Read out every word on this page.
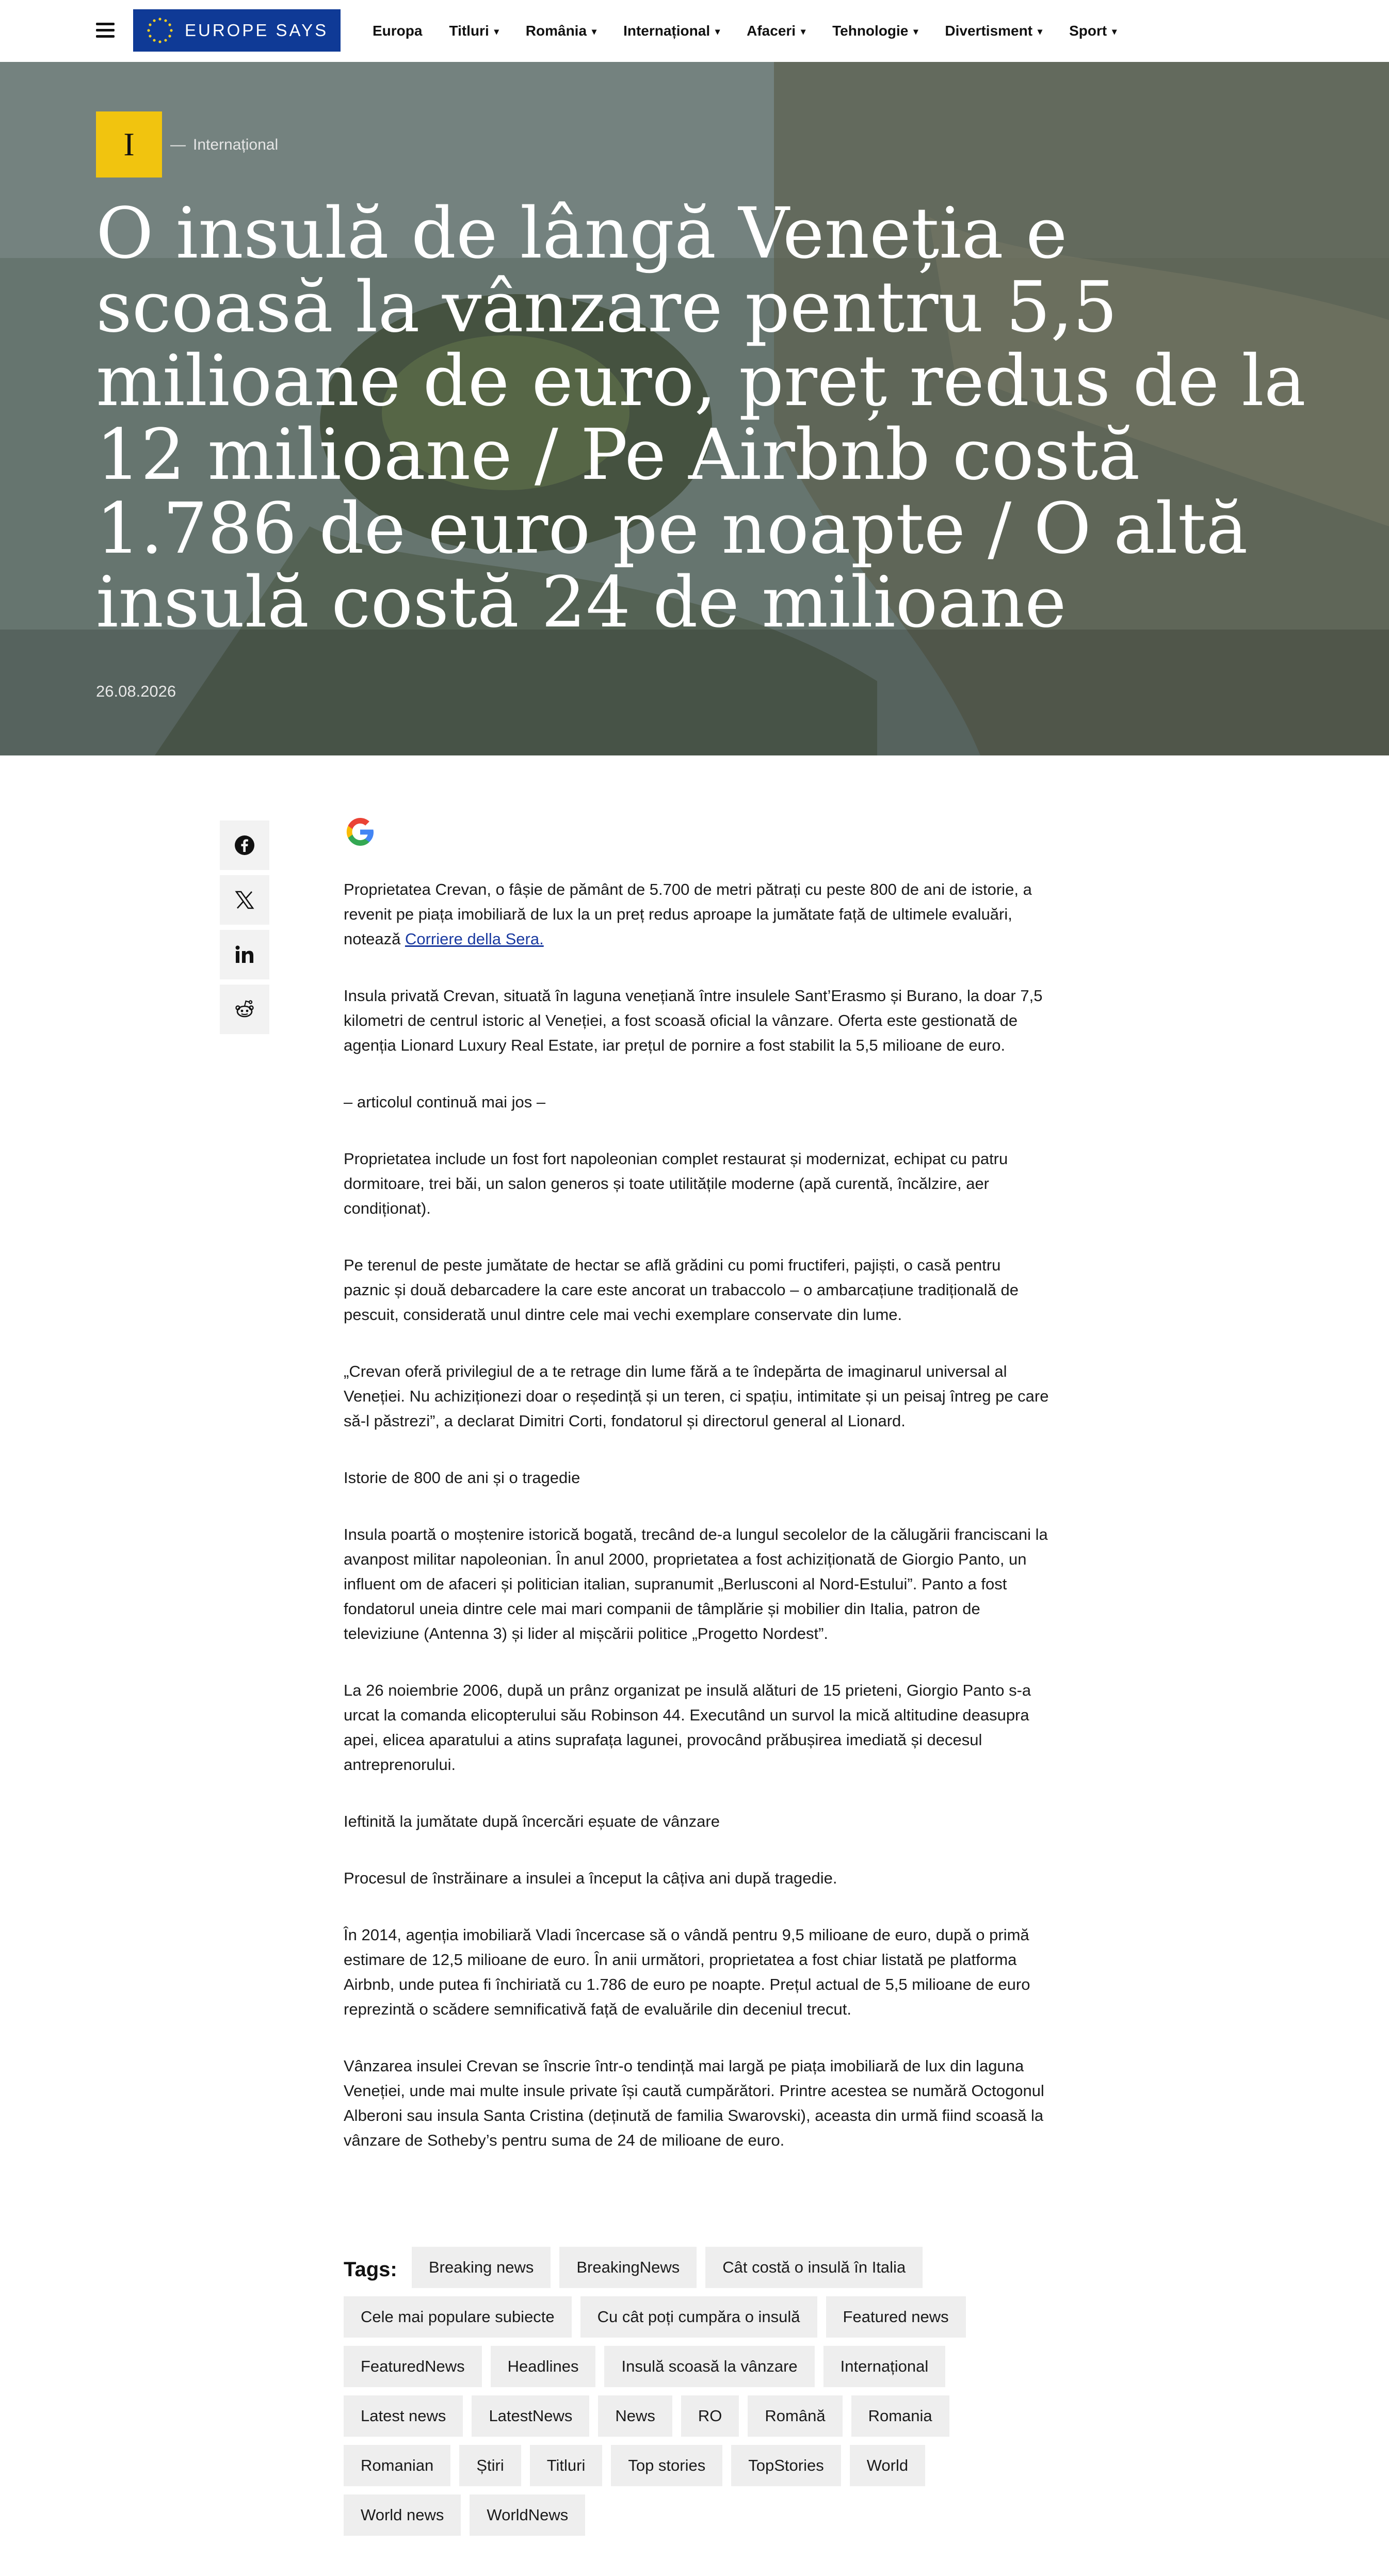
EUROPE SAYS	Europa Titluri ▾ România ▾ Internațional ▾ Afaceri ▾ Tehnologie ▾ Divertisment ▾ Sport ▾
I	— Internațional
O insulă de lângă Veneția e scoasă la vânzare pentru 5,5 milioane de euro, preț redus de la 12 milioane / Pe Airbnb costă 1.786 de euro pe noapte / O altă insulă costă 24 de milioane
26.08.2026

Proprietatea Crevan, o fâșie de pământ de 5.700 de metri pătrați cu peste 800 de ani de istorie, a revenit pe piața imobiliară de lux la un preț redus aproape la jumătate față de ultimele evaluări, notează Corriere della Sera.

Insula privată Crevan, situată în laguna venețiană între insulele Sant’Erasmo și Burano, la doar 7,5 kilometri de centrul istoric al Veneției, a fost scoasă oficial la vânzare. Oferta este gestionată de agenția Lionard Luxury Real Estate, iar prețul de pornire a fost stabilit la 5,5 milioane de euro.

– articolul continuă mai jos –

Proprietatea include un fost fort napoleonian complet restaurat și modernizat, echipat cu patru dormitoare, trei băi, un salon generos și toate utilitățile moderne (apă curentă, încălzire, aer condiționat).

Pe terenul de peste jumătate de hectar se află grădini cu pomi fructiferi, pajiști, o casă pentru paznic și două debarcadere la care este ancorat un trabaccolo – o ambarcațiune tradițională de pescuit, considerată unul dintre cele mai vechi exemplare conservate din lume.

„Crevan oferă privilegiul de a te retrage din lume fără a te îndepărta de imaginarul universal al Veneției. Nu achiziționezi doar o reședință și un teren, ci spațiu, intimitate și un peisaj întreg pe care să-l păstrezi”, a declarat Dimitri Corti, fondatorul și directorul general al Lionard.

Istorie de 800 de ani și o tragedie

Insula poartă o moștenire istorică bogată, trecând de-a lungul secolelor de la călugării franciscani la avanpost militar napoleonian. În anul 2000, proprietatea a fost achiziționată de Giorgio Panto, un influent om de afaceri și politician italian, supranumit „Berlusconi al Nord-Estului”. Panto a fost fondatorul uneia dintre cele mai mari companii de tâmplărie și mobilier din Italia, patron de televiziune (Antenna 3) și lider al mișcării politice „Progetto Nordest”.

La 26 noiembrie 2006, după un prânz organizat pe insulă alături de 15 prieteni, Giorgio Panto s-a urcat la comanda elicopterului său Robinson 44. Executând un survol la mică altitudine deasupra apei, elicea aparatului a atins suprafața lagunei, provocând prăbușirea imediată și decesul antreprenorului.

Ieftinită la jumătate după încercări eșuate de vânzare

Procesul de înstrăinare a insulei a început la câțiva ani după tragedie.

În 2014, agenția imobiliară Vladi încercase să o vândă pentru 9,5 milioane de euro, după o primă estimare de 12,5 milioane de euro. În anii următori, proprietatea a fost chiar listată pe platforma Airbnb, unde putea fi închiriată cu 1.786 de euro pe noapte. Prețul actual de 5,5 milioane de euro reprezintă o scădere semnificativă față de evaluările din deceniul trecut.

Vânzarea insulei Crevan se înscrie într-o tendință mai largă pe piața imobiliară de lux din laguna Veneției, unde mai multe insule private își caută cumpărători. Printre acestea se numără Octogonul Alberoni sau insula Santa Cristina (deținută de familia Swarovski), aceasta din urmă fiind scoasă la vânzare de Sotheby’s pentru suma de 24 de milioane de euro.

Tags:	Breaking news	BreakingNews	Cât costă o insulă în Italia
Cele mai populare subiecte	Cu cât poți cumpăra o insulă	Featured news
FeaturedNews	Headlines	Insulă scoasă la vânzare	Internațional
Latest news	LatestNews	News	RO	Română	Romania
Romanian	Știri	Titluri	Top stories	TopStories	World
World news	WorldNews
